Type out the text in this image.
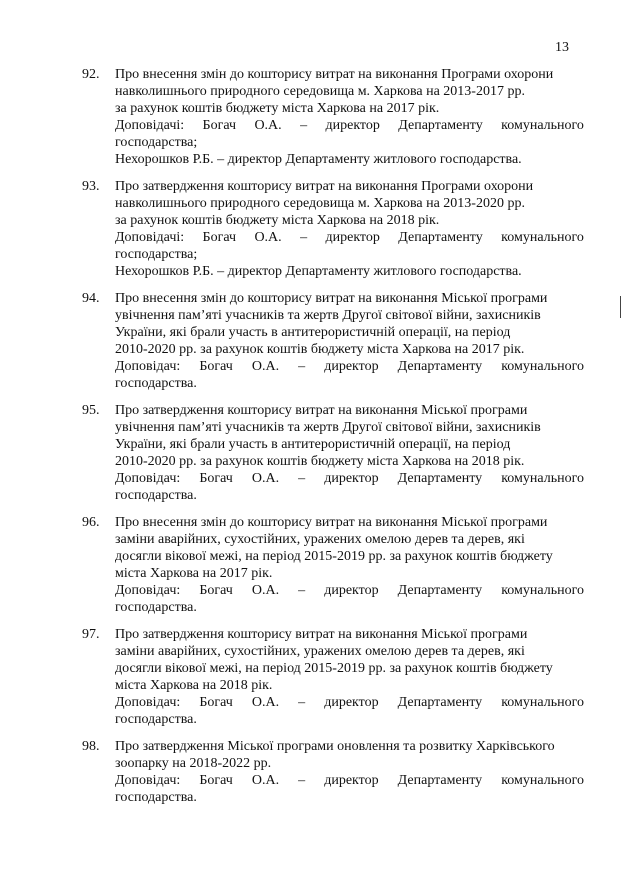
13
92. Про внесення змін до кошторису витрат на виконання Програми охорони
навколишнього природного середовища м. Харкова на 2013-2017 рр.
за рахунок коштів бюджету міста Харкова на 2017 рік.
Доповідачі: Богач О.А. – директор Департаменту комунального
господарства;
Нехорошков Р.Б. – директор Департаменту житлового господарства.
93. Про затвердження кошторису витрат на виконання Програми охорони
навколишнього природного середовища м. Харкова на 2013-2020 рр.
за рахунок коштів бюджету міста Харкова на 2018 рік.
Доповідачі: Богач О.А. – директор Департаменту комунального
господарства;
Нехорошков Р.Б. – директор Департаменту житлового господарства.
94. Про внесення змін до кошторису витрат на виконання Міської програми
увічнення пам’яті учасників та жертв Другої світової війни, захисників
України, які брали участь в антитерористичній операції, на період
2010-2020 рр. за рахунок коштів бюджету міста Харкова на 2017 рік.
Доповідач: Богач О.А. – директор Департаменту комунального
господарства.
95. Про затвердження кошторису витрат на виконання Міської програми
увічнення пам’яті учасників та жертв Другої світової війни, захисників
України, які брали участь в антитерористичній операції, на період
2010-2020 рр. за рахунок коштів бюджету міста Харкова на 2018 рік.
Доповідач: Богач О.А. – директор Департаменту комунального
господарства.
96. Про внесення змін до кошторису витрат на виконання Міської програми
заміни аварійних, сухостійних, уражених омелою дерев та дерев, які
досягли вікової межі, на період 2015-2019 рр. за рахунок коштів бюджету
міста Харкова на 2017 рік.
Доповідач: Богач О.А. – директор Департаменту комунального
господарства.
97. Про затвердження кошторису витрат на виконання Міської програми
заміни аварійних, сухостійних, уражених омелою дерев та дерев, які
досягли вікової межі, на період 2015-2019 рр. за рахунок коштів бюджету
міста Харкова на 2018 рік.
Доповідач: Богач О.А. – директор Департаменту комунального
господарства.
98. Про затвердження Міської програми оновлення та розвитку Харківського
зоопарку на 2018-2022 рр.
Доповідач: Богач О.А. – директор Департаменту комунального
господарства.
